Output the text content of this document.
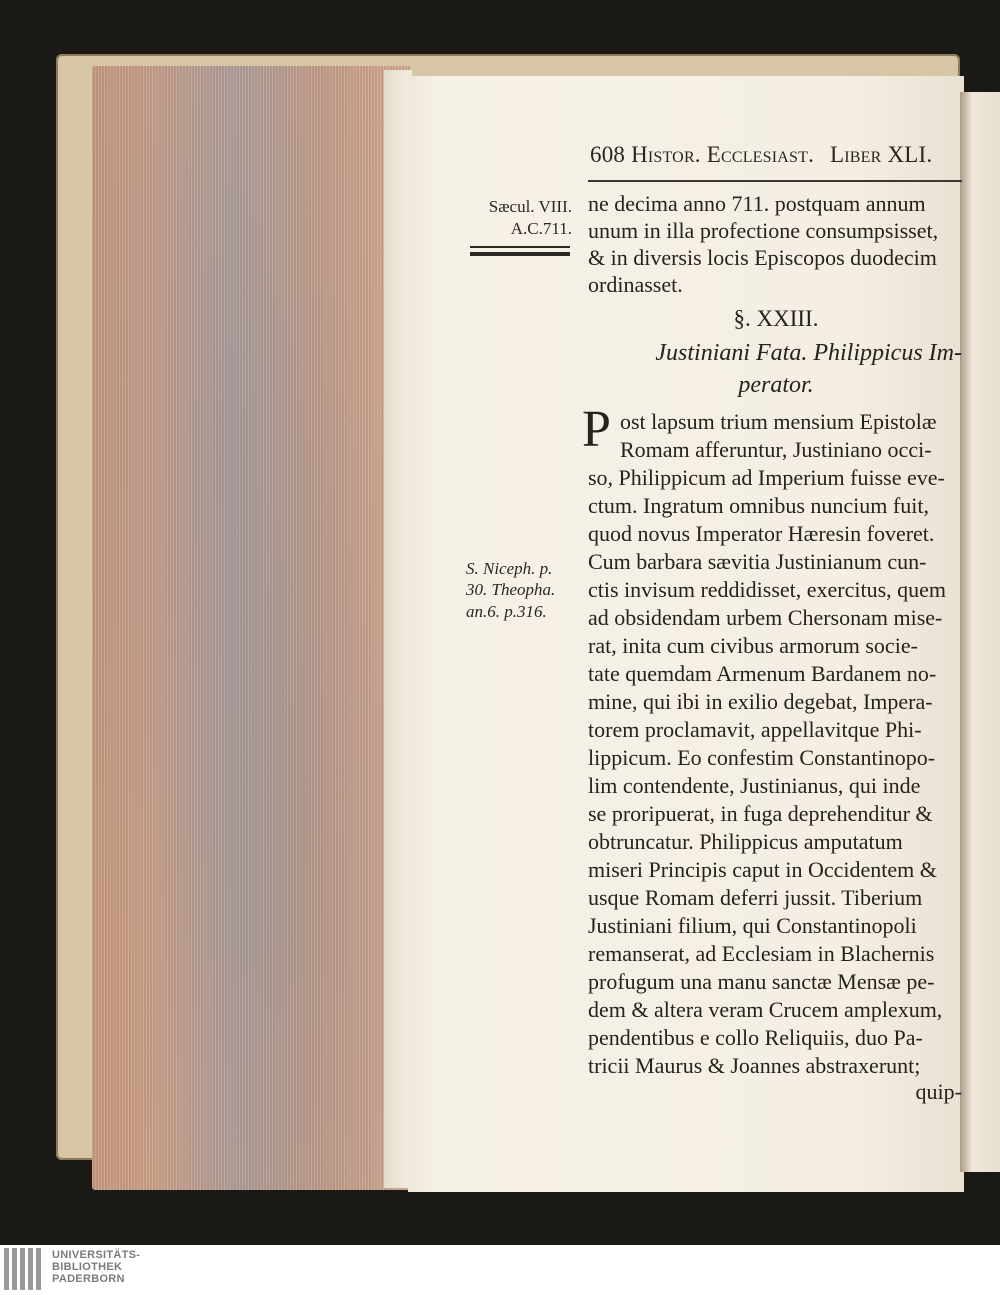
608 Histor. Ecclesiast. Liber XLI.
Sæcul. VIII.
A.C.711.
S. Niceph. p.
30. Theopha.
an.6. p.316.
ne decima anno 711. postquam annum
unum in illa profectione consumpsisset,
& in diversis locis Episcopos duodecim
ordinasset.
§. XXIII.
Justiniani Fata. Philippicus Im-
perator.
P ost lapsum trium mensium Epistolæ
Romam afferuntur, Justiniano occi-
so, Philippicum ad Imperium fuisse eve-
ctum. Ingratum omnibus nuncium fuit,
quod novus Imperator Hæresin foveret.
Cum barbara sævitia Justinianum cun-
ctis invisum reddidisset, exercitus, quem
ad obsidendam urbem Chersonam mise-
rat, inita cum civibus armorum socie-
tate quemdam Armenum Bardanem no-
mine, qui ibi in exilio degebat, Impera-
torem proclamavit, appellavitque Phi-
lippicum. Eo confestim Constantinopo-
lim contendente, Justinianus, qui inde
se proripuerat, in fuga deprehenditur &
obtruncatur. Philippicus amputatum
miseri Principis caput in Occidentem &
usque Romam deferri jussit. Tiberium
Justiniani filium, qui Constantinopoli
remanserat, ad Ecclesiam in Blachernis
profugum una manu sanctæ Mensæ pe-
dem & altera veram Crucem amplexum,
pendentibus e collo Reliquiis, duo Pa-
tricii Maurus & Joannes abstraxerunt;
quip-
UNIVERSITÄTS-
BIBLIOTHEK
PADERBORN
